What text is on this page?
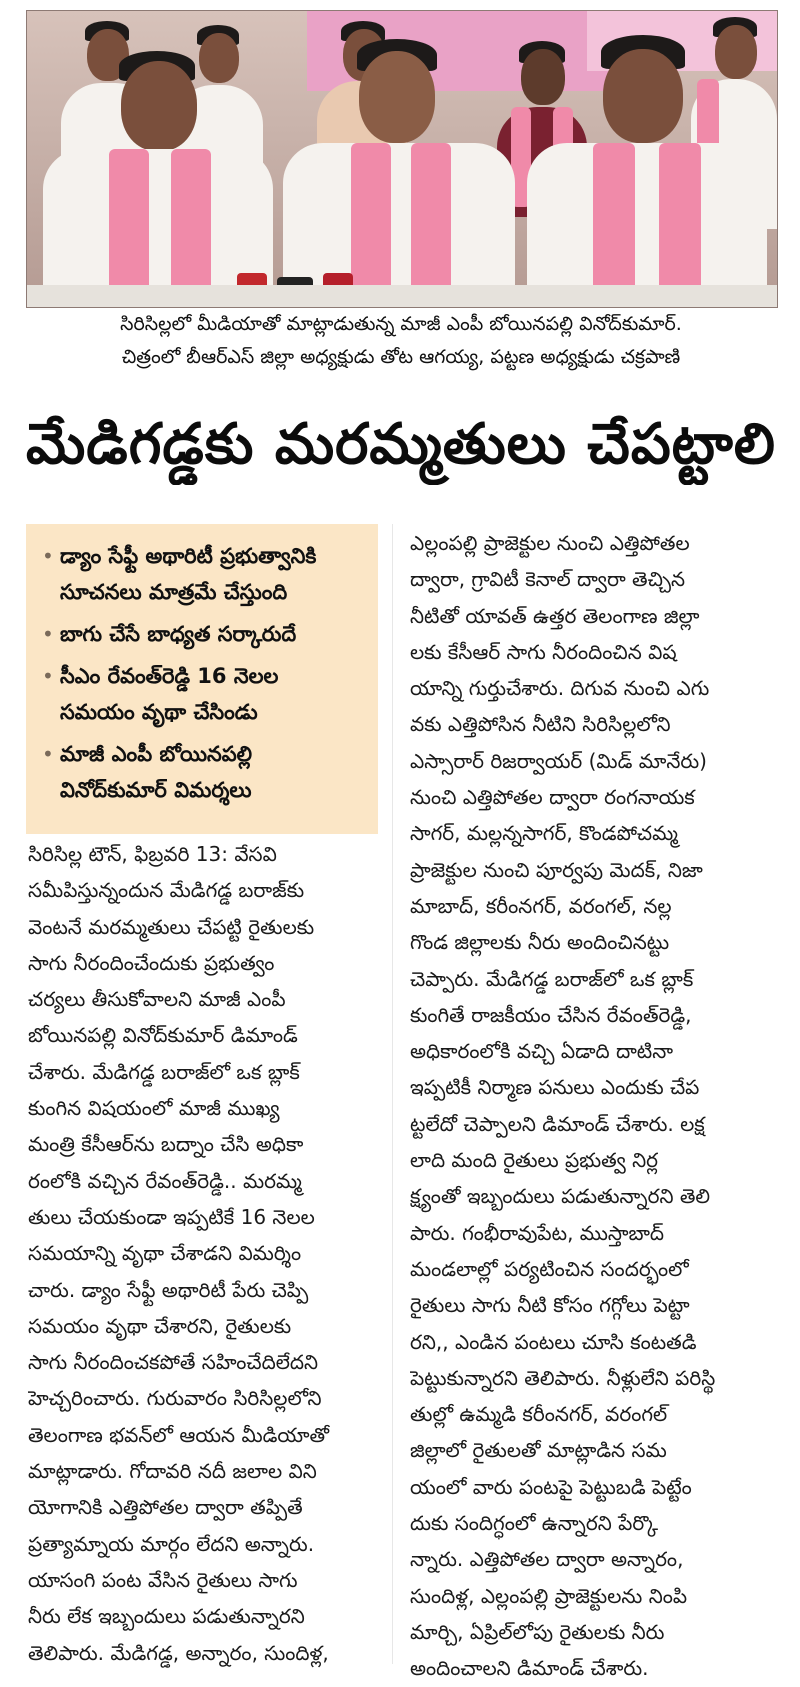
సిరిసిల్లలో మీడియాతో మాట్లాడుతున్న మాజీ ఎంపీ బోయినపల్లి వినోద్‌కుమార్.
చిత్రంలో బీఆర్ఎస్ జిల్లా అధ్యక్షుడు తోట ఆగయ్య, పట్టణ అధ్యక్షుడు చక్రపాణి
మేడిగడ్డకు మరమ్మతులు చేపట్టాలి
• డ్యాం సేఫ్టీ అథారిటీ ప్రభుత్వానికి
సూచనలు మాత్రమే చేస్తుంది
• బాగు చేసే బాధ్యత సర్కారుదే
• సీఎం రేవంత్‌రెడ్డి 16 నెలల
సమయం వృథా చేసిండు
• మాజీ ఎంపీ బోయినపల్లి
వినోద్‌కుమార్ విమర్శలు
సిరిసిల్ల టౌన్, ఫిబ్రవరి 13: వేసవి
సమీపిస్తున్నందున మేడిగడ్డ బరాజ్‌కు
వెంటనే మరమ్మతులు చేపట్టి రైతులకు
సాగు నీరందించేందుకు ప్రభుత్వం
చర్యలు తీసుకోవాలని మాజీ ఎంపీ
బోయినపల్లి వినోద్‌కుమార్ డిమాండ్
చేశారు. మేడిగడ్డ బరాజ్‌లో ఒక బ్లాక్
కుంగిన విషయంలో మాజీ ముఖ్య
మంత్రి కేసీఆర్‌ను బద్నాం చేసి అధికా
రంలోకి వచ్చిన రేవంత్‌రెడ్డి.. మరమ్మ
తులు చేయకుండా ఇప్పటికే 16 నెలల
సమయాన్ని వృథా చేశాడని విమర్శిం
చారు. డ్యాం సేఫ్టీ అథారిటీ పేరు చెప్పి
సమయం వృథా చేశారని, రైతులకు
సాగు నీరందించకపోతే సహించేదిలేదని
హెచ్చరించారు. గురువారం సిరిసిల్లలోని
తెలంగాణ భవన్‌లో ఆయన మీడియాతో
మాట్లాడారు. గోదావరి నదీ జలాల విని
యోగానికి ఎత్తిపోతల ద్వారా తప్పితే
ప్రత్యామ్నాయ మార్గం లేదని అన్నారు.
యాసంగి పంట వేసిన రైతులు సాగు
నీరు లేక ఇబ్బందులు పడుతున్నారని
తెలిపారు. మేడిగడ్డ, అన్నారం, సుందిళ్ల,
ఎల్లంపల్లి ప్రాజెక్టుల నుంచి ఎత్తిపోతల
ద్వారా, గ్రావిటీ కెనాల్ ద్వారా తెచ్చిన
నీటితో యావత్ ఉత్తర తెలంగాణ జిల్లా
లకు కేసీఆర్ సాగు నీరందించిన విష
యాన్ని గుర్తుచేశారు. దిగువ నుంచి ఎగు
వకు ఎత్తిపోసిన నీటిని సిరిసిల్లలోని
ఎస్సారార్ రిజర్వాయర్ (మిడ్ మానేరు)
నుంచి ఎత్తిపోతల ద్వారా రంగనాయక
సాగర్, మల్లన్నసాగర్, కొండపోచమ్మ
ప్రాజెక్టుల నుంచి పూర్వపు మెదక్, నిజా
మాబాద్, కరీంనగర్, వరంగల్, నల్ల
గొండ జిల్లాలకు నీరు అందించినట్టు
చెప్పారు. మేడిగడ్డ బరాజ్‌లో ఒక బ్లాక్
కుంగితే రాజకీయం చేసిన రేవంత్‌రెడ్డి,
అధికారంలోకి వచ్చి ఏడాది దాటినా
ఇప్పటికీ నిర్మాణ పనులు ఎందుకు చేప
ట్టలేదో చెప్పాలని డిమాండ్ చేశారు. లక్ష
లాది మంది రైతులు ప్రభుత్వ నిర్ల
క్ష్యంతో ఇబ్బందులు పడుతున్నారని తెలి
పారు. గంభీరావుపేట, ముస్తాబాద్
మండలాల్లో పర్యటించిన సందర్భంలో
రైతులు సాగు నీటి కోసం గగ్గోలు పెట్టా
రని,, ఎండిన పంటలు చూసి కంటతడి
పెట్టుకున్నారని తెలిపారు. నీళ్లులేని పరిస్థి
తుల్లో ఉమ్మడి కరీంనగర్, వరంగల్
జిల్లాలో రైతులతో మాట్లాడిన సమ
యంలో వారు పంటపై పెట్టుబడి పెట్టేం
దుకు సందిగ్ధంలో ఉన్నారని పేర్కొ
న్నారు. ఎత్తిపోతల ద్వారా అన్నారం,
సుందిళ్ల, ఎల్లంపల్లి ప్రాజెక్టులను నింపి
మార్చి, ఏప్రిల్‌లోపు రైతులకు నీరు
అందించాలని డిమాండ్ చేశారు.
